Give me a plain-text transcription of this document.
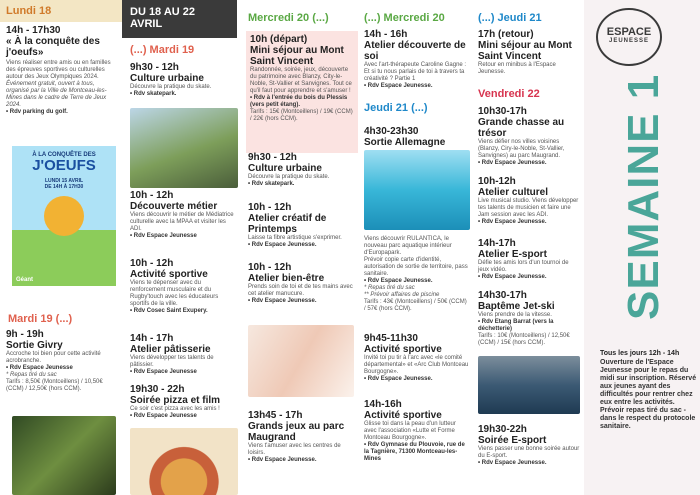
Lundi 18
14h - 17h30
« À la conquête des j'oeufs»
Viens réaliser entre amis ou en familles des épreuves sportives ou culturelles autour des Jeux Olympiques 2024.
Événement gratuit, ouvert à tous, organisé par la Ville de Montceau-les-Mines dans le cadre de Terre de Jeux 2024.
• Rdv parking du golf.
À LA CONQUÊTE DES
J'OEUFS
LUNDI 15 AVRIL
DE 14H À 17H30
Géant
Mardi 19 (...)
9h - 19h
Sortie Givry
Accroche toi bien pour cette activité acrobranche.
• Rdv Espace Jeunesse
* Repas tiré du sac
Tarifs : 8,50€ (Montceillens) / 10,50€ (CCM) / 12,50€ (hors CCM).
DU 18 AU 22 AVRIL
(...) Mardi 19
9h30 - 12h
Culture urbaine
Découvre la pratique du skate.
• Rdv skatepark.
10h - 12h
Découverte métier
Viens découvrir le métier de Médiatrice culturelle avec la MPAA et visiter les ADI.
• Rdv Espace Jeunesse
10h - 12h
Activité sportive
Viens te dépenser avec du renforcement musculaire et du Rugby'touch avec les éducateurs sportifs de la ville.
• Rdv Cosec Saint Exupery.
14h - 17h
Atelier pâtisserie
Viens développer tes talents de pâtissier.
• Rdv Espace Jeunesse
19h30 - 22h
Soirée pizza et film
Ce soir c'est pizza avec les amis !
• Rdv Espace Jeunesse
Mercredi 20 (...)
10h (départ)
Mini séjour au Mont Saint Vincent
Randonnée, soirée, jeux, découverte du patrimoine avec Blanzy, City-le-Noble, St-Vallier et Sanvignes. Tout ce qu'il faut pour apprendre et s'amuser !
• Rdv à l'entrée du bois du Plessis (vers petit étang).
Tarifs : 15€ (Montceillens) / 19€ (CCM) / 22€ (hors CCM).
9h30 - 12h
Culture urbaine
Découvre la pratique du skate.
• Rdv skatepark.
10h - 12h
Atelier créatif de Printemps
Laisse ta fibre artistique s'exprimer.
• Rdv Espace Jeunesse.
10h - 12h
Atelier bien-être
Prends soin de toi et de tes mains avec cet atelier manucure.
• Rdv Espace Jeunesse.
13h45 - 17h
Grands jeux au parc Maugrand
Viens t'amuser avec les centres de loisirs.
• Rdv Espace Jeunesse.
(...) Mercredi 20
14h - 16h
Atelier découverte de soi
Avec l'art-thérapeute Caroline Gagne : Et si tu nous parlais de toi à travers ta créativité ? Partie 1
• Rdv Espace Jeunesse.
Jeudi 21 (...)
4h30-23h30
Sortie Allemagne
Viens découvrir RULANTICA, le nouveau parc aquatique intérieur d'Europapark.
Prévoir copie carte d'identité, autorisation de sortie de territoire, pass sanitaire.
• Rdv Espace Jeunesse.
* Repas tiré du sac
** Prévoir affaires de piscine
Tarifs : 43€ (Montceillens) / 50€ (CCM) / 57€ (hors CCM).
9h45-11h30
Activité sportive
Invité toi pu tir à l'arc avec «le comité départemental» et «Arc Club Montceau Bourgogne».
• Rdv Espace Jeunesse.
14h-16h
Activité sportive
Glisse toi dans la peau d'un lutteur avec l'association «Lutte et Forme Montceau Bourgogne».
• Rdv Gymnase du Plouvoie, rue de la Tagnière, 71300 Montceau-les-Mines
(...) Jeudi 21
17h (retour)
Mini séjour au Mont Saint Vincent
Retour en minibus à l'Espace Jeunesse.
Vendredi 22
10h30-17h
Grande chasse au trésor
Viens défier nos villes voisines (Blanzy, Ciry-le-Noble, St-Vallier, Sanvignes) au parc Maugrand.
• Rdv Espace Jeunesse.
10h-12h
Atelier culturel
Live musical studio. Viens développer tes talents de musicien et faire une Jam session avec les ADI.
• Rdv Espace Jeunesse.
14h-17h
Atelier E-sport
Défie tes amis lors d'un tournoi de jeux vidéo.
• Rdv Espace Jeunesse.
14h30-17h
Baptême Jet-ski
Viens prendre de la vitesse.
• Rdv Etang Barrat (vers la déchetterie)
Tarifs : 10€ (Montceillens) / 12,50€ (CCM) / 15€ (hors CCM).
19h30-22h
Soirée E-sport
Viens passer une bonne soirée autour du E-sport.
• Rdv Espace Jeunesse.
ESPACE
JEUNESSE
SEMAINE 1
Tous les jours 12h - 14h
Ouverture de l'Espace Jeunesse pour le repas du midi sur inscription. Réservé aux jeunes ayant des difficultés pour rentrer chez eux entre les activités. Prévoir repas tiré du sac - dans le respect du protocole sanitaire.
